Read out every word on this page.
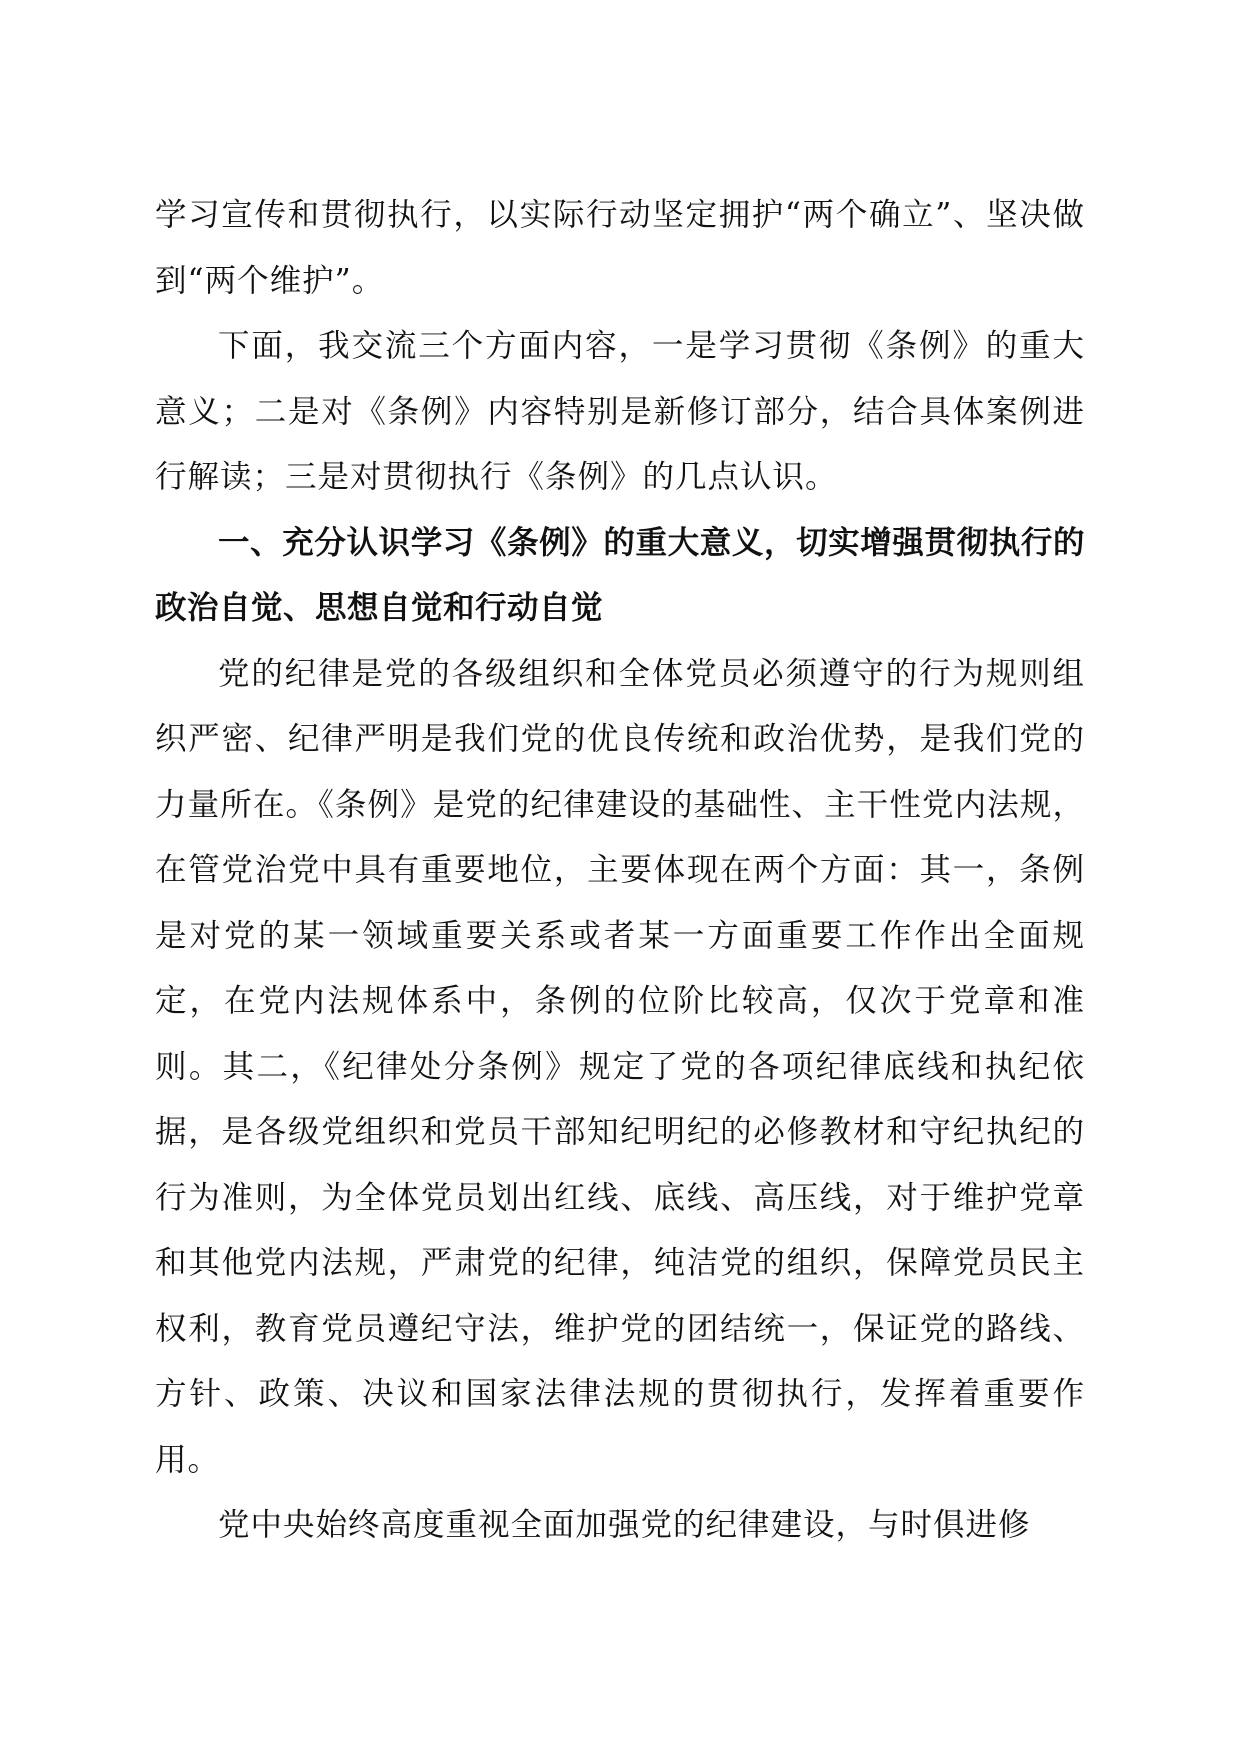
学习宣传和贯彻执行，以实际行动坚定拥护“两个确立”、坚决做到“两个维护”。

下面，我交流三个方面内容，一是学习贯彻《条例》的重大意义；二是对《条例》内容特别是新修订部分，结合具体案例进行解读；三是对贯彻执行《条例》的几点认识。

一、充分认识学习《条例》的重大意义，切实增强贯彻执行的政治自觉、思想自觉和行动自觉

党的纪律是党的各级组织和全体党员必须遵守的行为规则组织严密、纪律严明是我们党的优良传统和政治优势，是我们党的力量所在。《条例》是党的纪律建设的基础性、主干性党内法规，在管党治党中具有重要地位，主要体现在两个方面：其一，条例是对党的某一领域重要关系或者某一方面重要工作作出全面规定，在党内法规体系中，条例的位阶比较高，仅次于党章和准则。其二，《纪律处分条例》规定了党的各项纪律底线和执纪依据，是各级党组织和党员干部知纪明纪的必修教材和守纪执纪的行为准则，为全体党员划出红线、底线、高压线，对于维护党章和其他党内法规，严肃党的纪律，纯洁党的组织，保障党员民主权利，教育党员遵纪守法，维护党的团结统一，保证党的路线、方针、政策、决议和国家法律法规的贯彻执行，发挥着重要作用。

党中央始终高度重视全面加强党的纪律建设，与时俱进修
